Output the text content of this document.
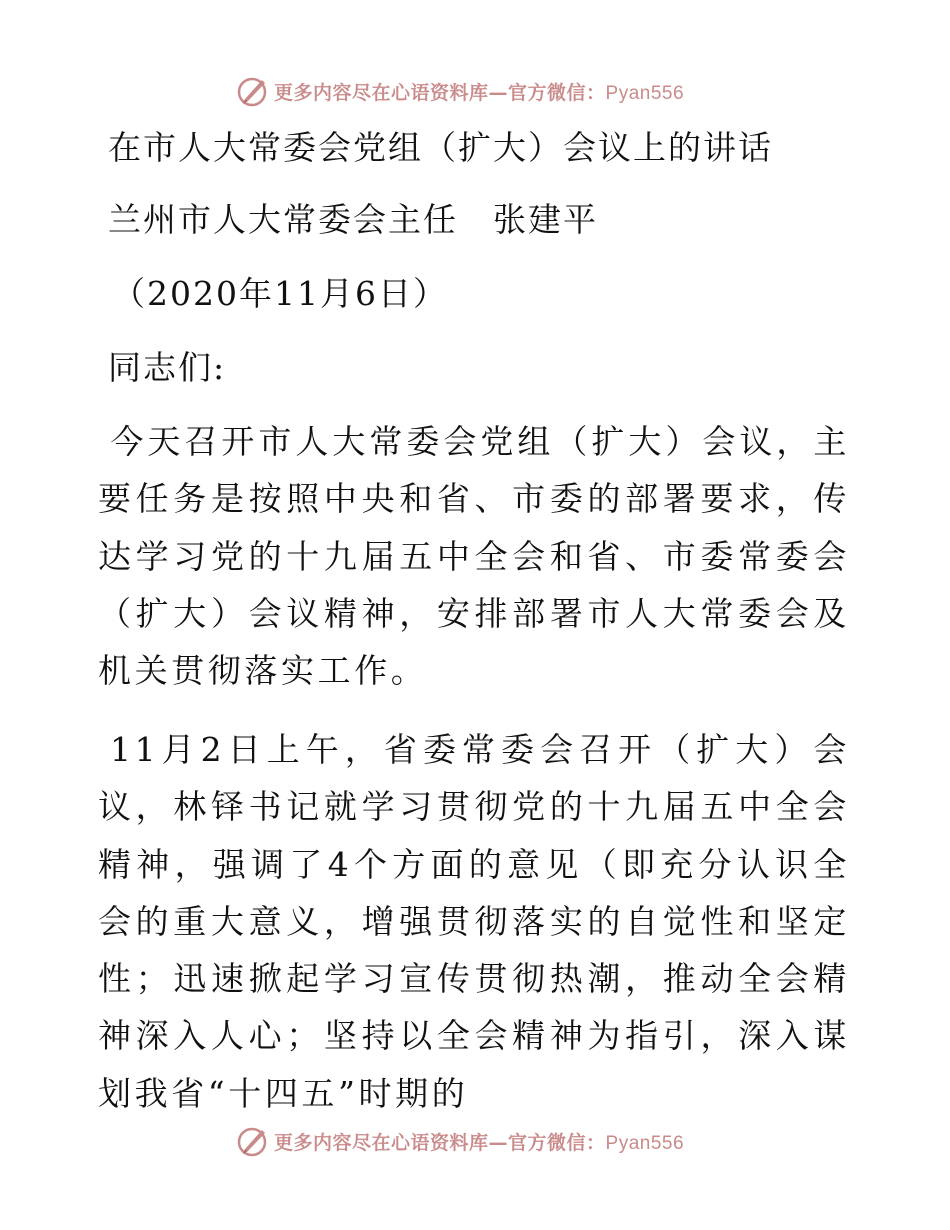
更多内容尽在心语资料库—官方微信：Pyan556
在市人大常委会党组（扩大）会议上的讲话
兰州市人大常委会主任　张建平
（2020年11月6日）
同志们:
今天召开市人大常委会党组（扩大）会议，主要任务是按照中央和省、市委的部署要求，传达学习党的十九届五中全会和省、市委常委会（扩大）会议精神，安排部署市人大常委会及机关贯彻落实工作。
11月2日上午，省委常委会召开（扩大）会议，林铎书记就学习贯彻党的十九届五中全会精神，强调了4个方面的意见（即充分认识全会的重大意义，增强贯彻落实的自觉性和坚定性；迅速掀起学习宣传贯彻热潮，推动全会精神深入人心；坚持以全会精神为指引，深入谋划我省“十四五”时期的
更多内容尽在心语资料库—官方微信：Pyan556
